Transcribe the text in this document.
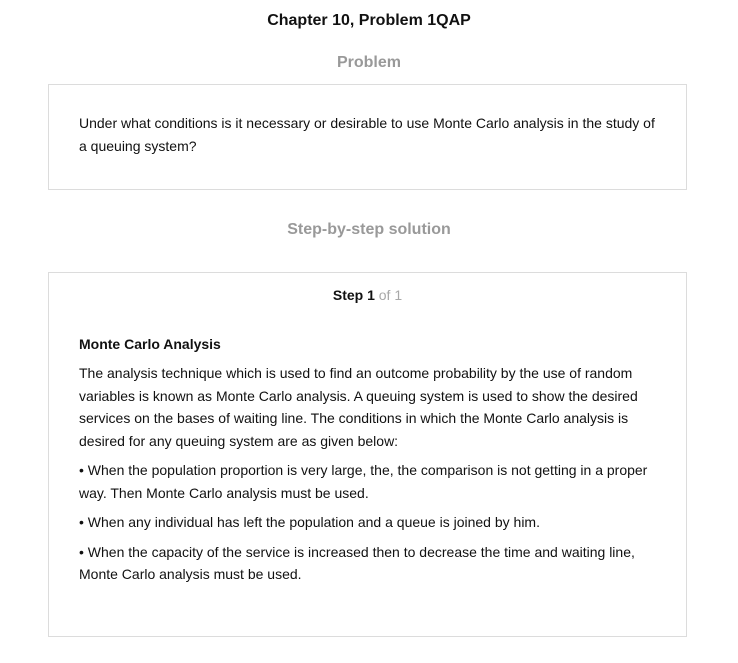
Chapter 10, Problem 1QAP
Problem
Under what conditions is it necessary or desirable to use Monte Carlo analysis in the study of a queuing system?
Step-by-step solution
Step 1 of 1
Monte Carlo Analysis

The analysis technique which is used to find an outcome probability by the use of random variables is known as Monte Carlo analysis. A queuing system is used to show the desired services on the bases of waiting line. The conditions in which the Monte Carlo analysis is desired for any queuing system are as given below:

• When the population proportion is very large, the, the comparison is not getting in a proper way. Then Monte Carlo analysis must be used.

• When any individual has left the population and a queue is joined by him.

• When the capacity of the service is increased then to decrease the time and waiting line, Monte Carlo analysis must be used.
